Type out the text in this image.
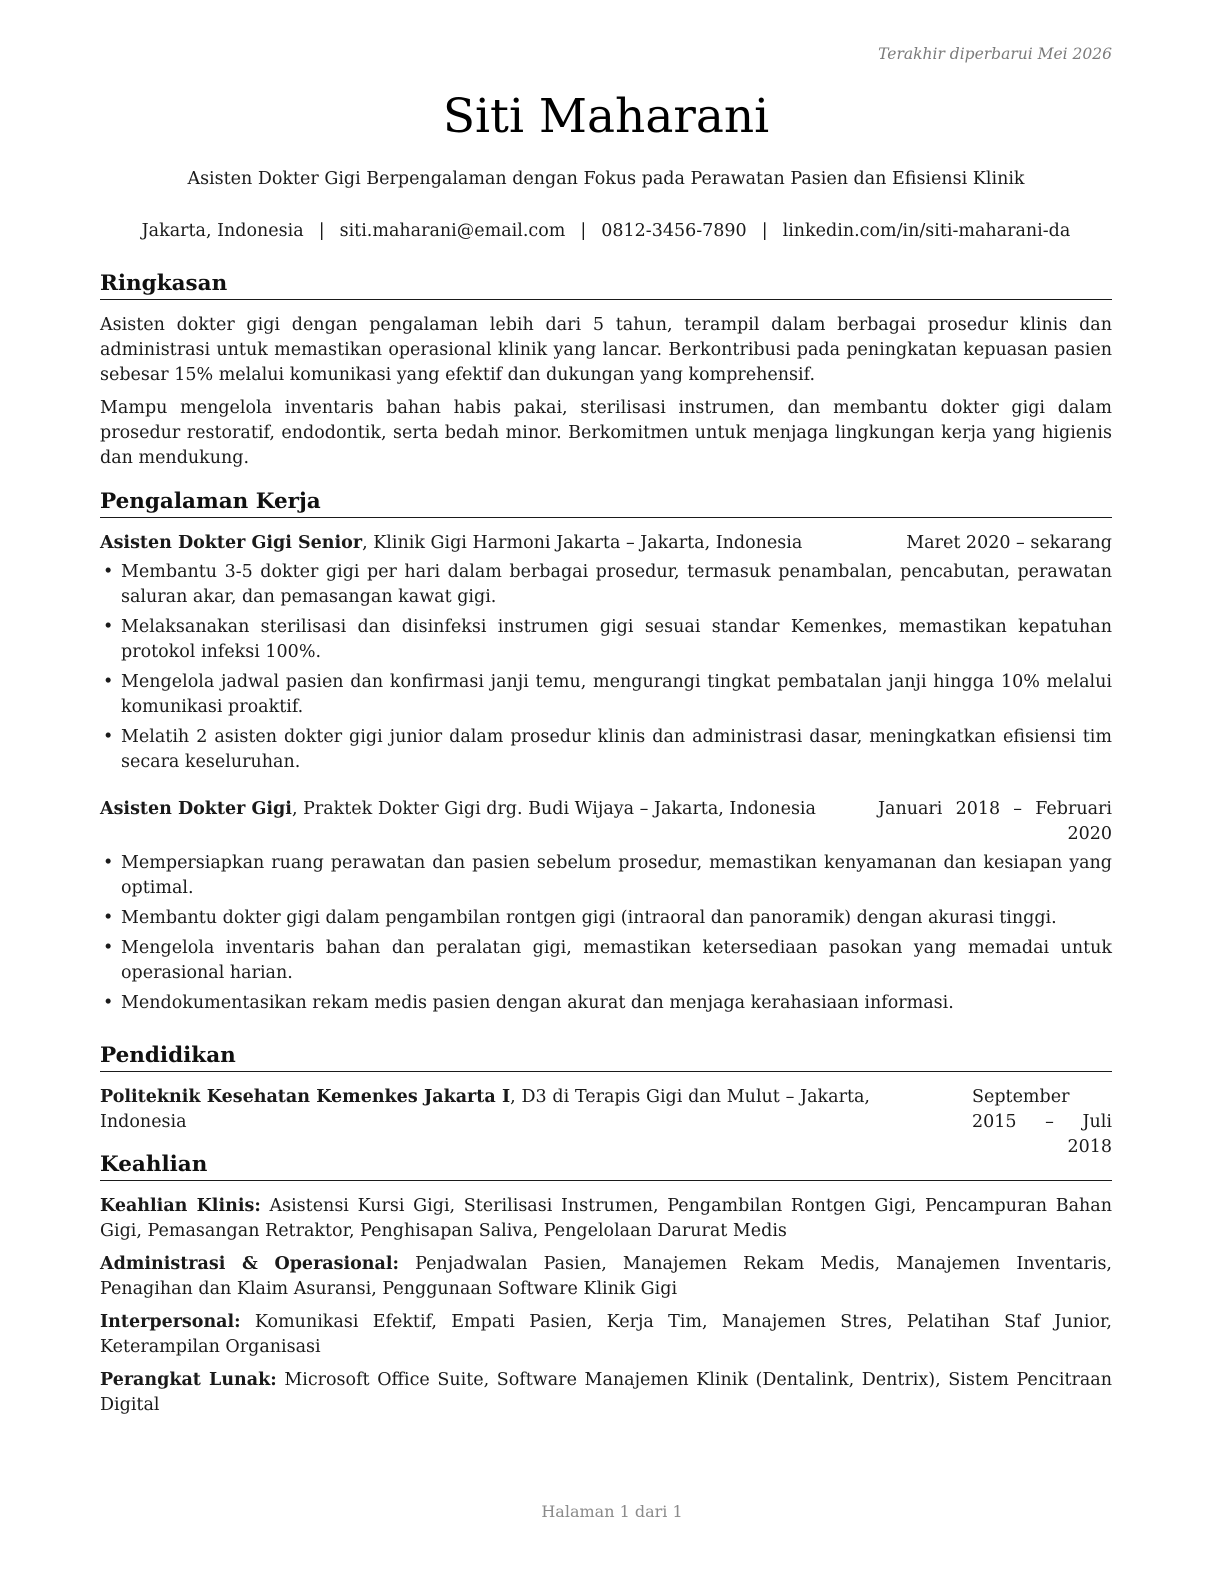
Terakhir diperbarui Mei 2026
Siti Maharani
Asisten Dokter Gigi Berpengalaman dengan Fokus pada Perawatan Pasien dan Efisiensi Klinik
Jakarta, Indonesia | siti.maharani@email.com | 0812-3456-7890 | linkedin.com/in/siti-maharani-da
Ringkasan

Asisten dokter gigi dengan pengalaman lebih dari 5 tahun, terampil dalam berbagai prosedur klinis dan administrasi untuk memastikan operasional klinik yang lancar. Berkontribusi pada peningkatan kepuasan pasien sebesar 15% melalui komunikasi yang efektif dan dukungan yang komprehensif.

Mampu mengelola inventaris bahan habis pakai, sterilisasi instrumen, dan membantu dokter gigi dalam prosedur restoratif, endodontik, serta bedah minor. Berkomitmen untuk menjaga lingkungan kerja yang higienis dan mendukung.

Pengalaman Kerja
Asisten Dokter Gigi Senior, Klinik Gigi Harmoni Jakarta – Jakarta, Indonesia	Maret 2020 – sekarang
• Membantu 3-5 dokter gigi per hari dalam berbagai prosedur, termasuk penambalan, pencabutan, perawatan saluran akar, dan pemasangan kawat gigi.
• Melaksanakan sterilisasi dan disinfeksi instrumen gigi sesuai standar Kemenkes, memastikan kepatuhan protokol infeksi 100%.
• Mengelola jadwal pasien dan konfirmasi janji temu, mengurangi tingkat pembatalan janji hingga 10% melalui komunikasi proaktif.
• Melatih 2 asisten dokter gigi junior dalam prosedur klinis dan administrasi dasar, meningkatkan efisiensi tim secara keseluruhan.
Asisten Dokter Gigi, Praktek Dokter Gigi drg. Budi Wijaya – Jakarta, Indonesia	Januari 2018 – Februari 2020
• Mempersiapkan ruang perawatan dan pasien sebelum prosedur, memastikan kenyamanan dan kesiapan yang optimal.
• Membantu dokter gigi dalam pengambilan rontgen gigi (intraoral dan panoramik) dengan akurasi tinggi.
• Mengelola inventaris bahan dan peralatan gigi, memastikan ketersediaan pasokan yang memadai untuk operasional harian.
• Mendokumentasikan rekam medis pasien dengan akurat dan menjaga kerahasiaan informasi.
Pendidikan
Politeknik Kesehatan Kemenkes Jakarta I, D3 di Terapis Gigi dan Mulut – Jakarta, Indonesia
September 2015 – Juli 2018
Keahlian

Keahlian Klinis: Asistensi Kursi Gigi, Sterilisasi Instrumen, Pengambilan Rontgen Gigi, Pencampuran Bahan Gigi, Pemasangan Retraktor, Penghisapan Saliva, Pengelolaan Darurat Medis

Administrasi & Operasional: Penjadwalan Pasien, Manajemen Rekam Medis, Manajemen Inventaris, Penagihan dan Klaim Asuransi, Penggunaan Software Klinik Gigi

Interpersonal: Komunikasi Efektif, Empati Pasien, Kerja Tim, Manajemen Stres, Pelatihan Staf Junior, Keterampilan Organisasi

Perangkat Lunak: Microsoft Office Suite, Software Manajemen Klinik (Dentalink, Dentrix), Sistem Pencitraan Digital

Halaman 1 dari 1
